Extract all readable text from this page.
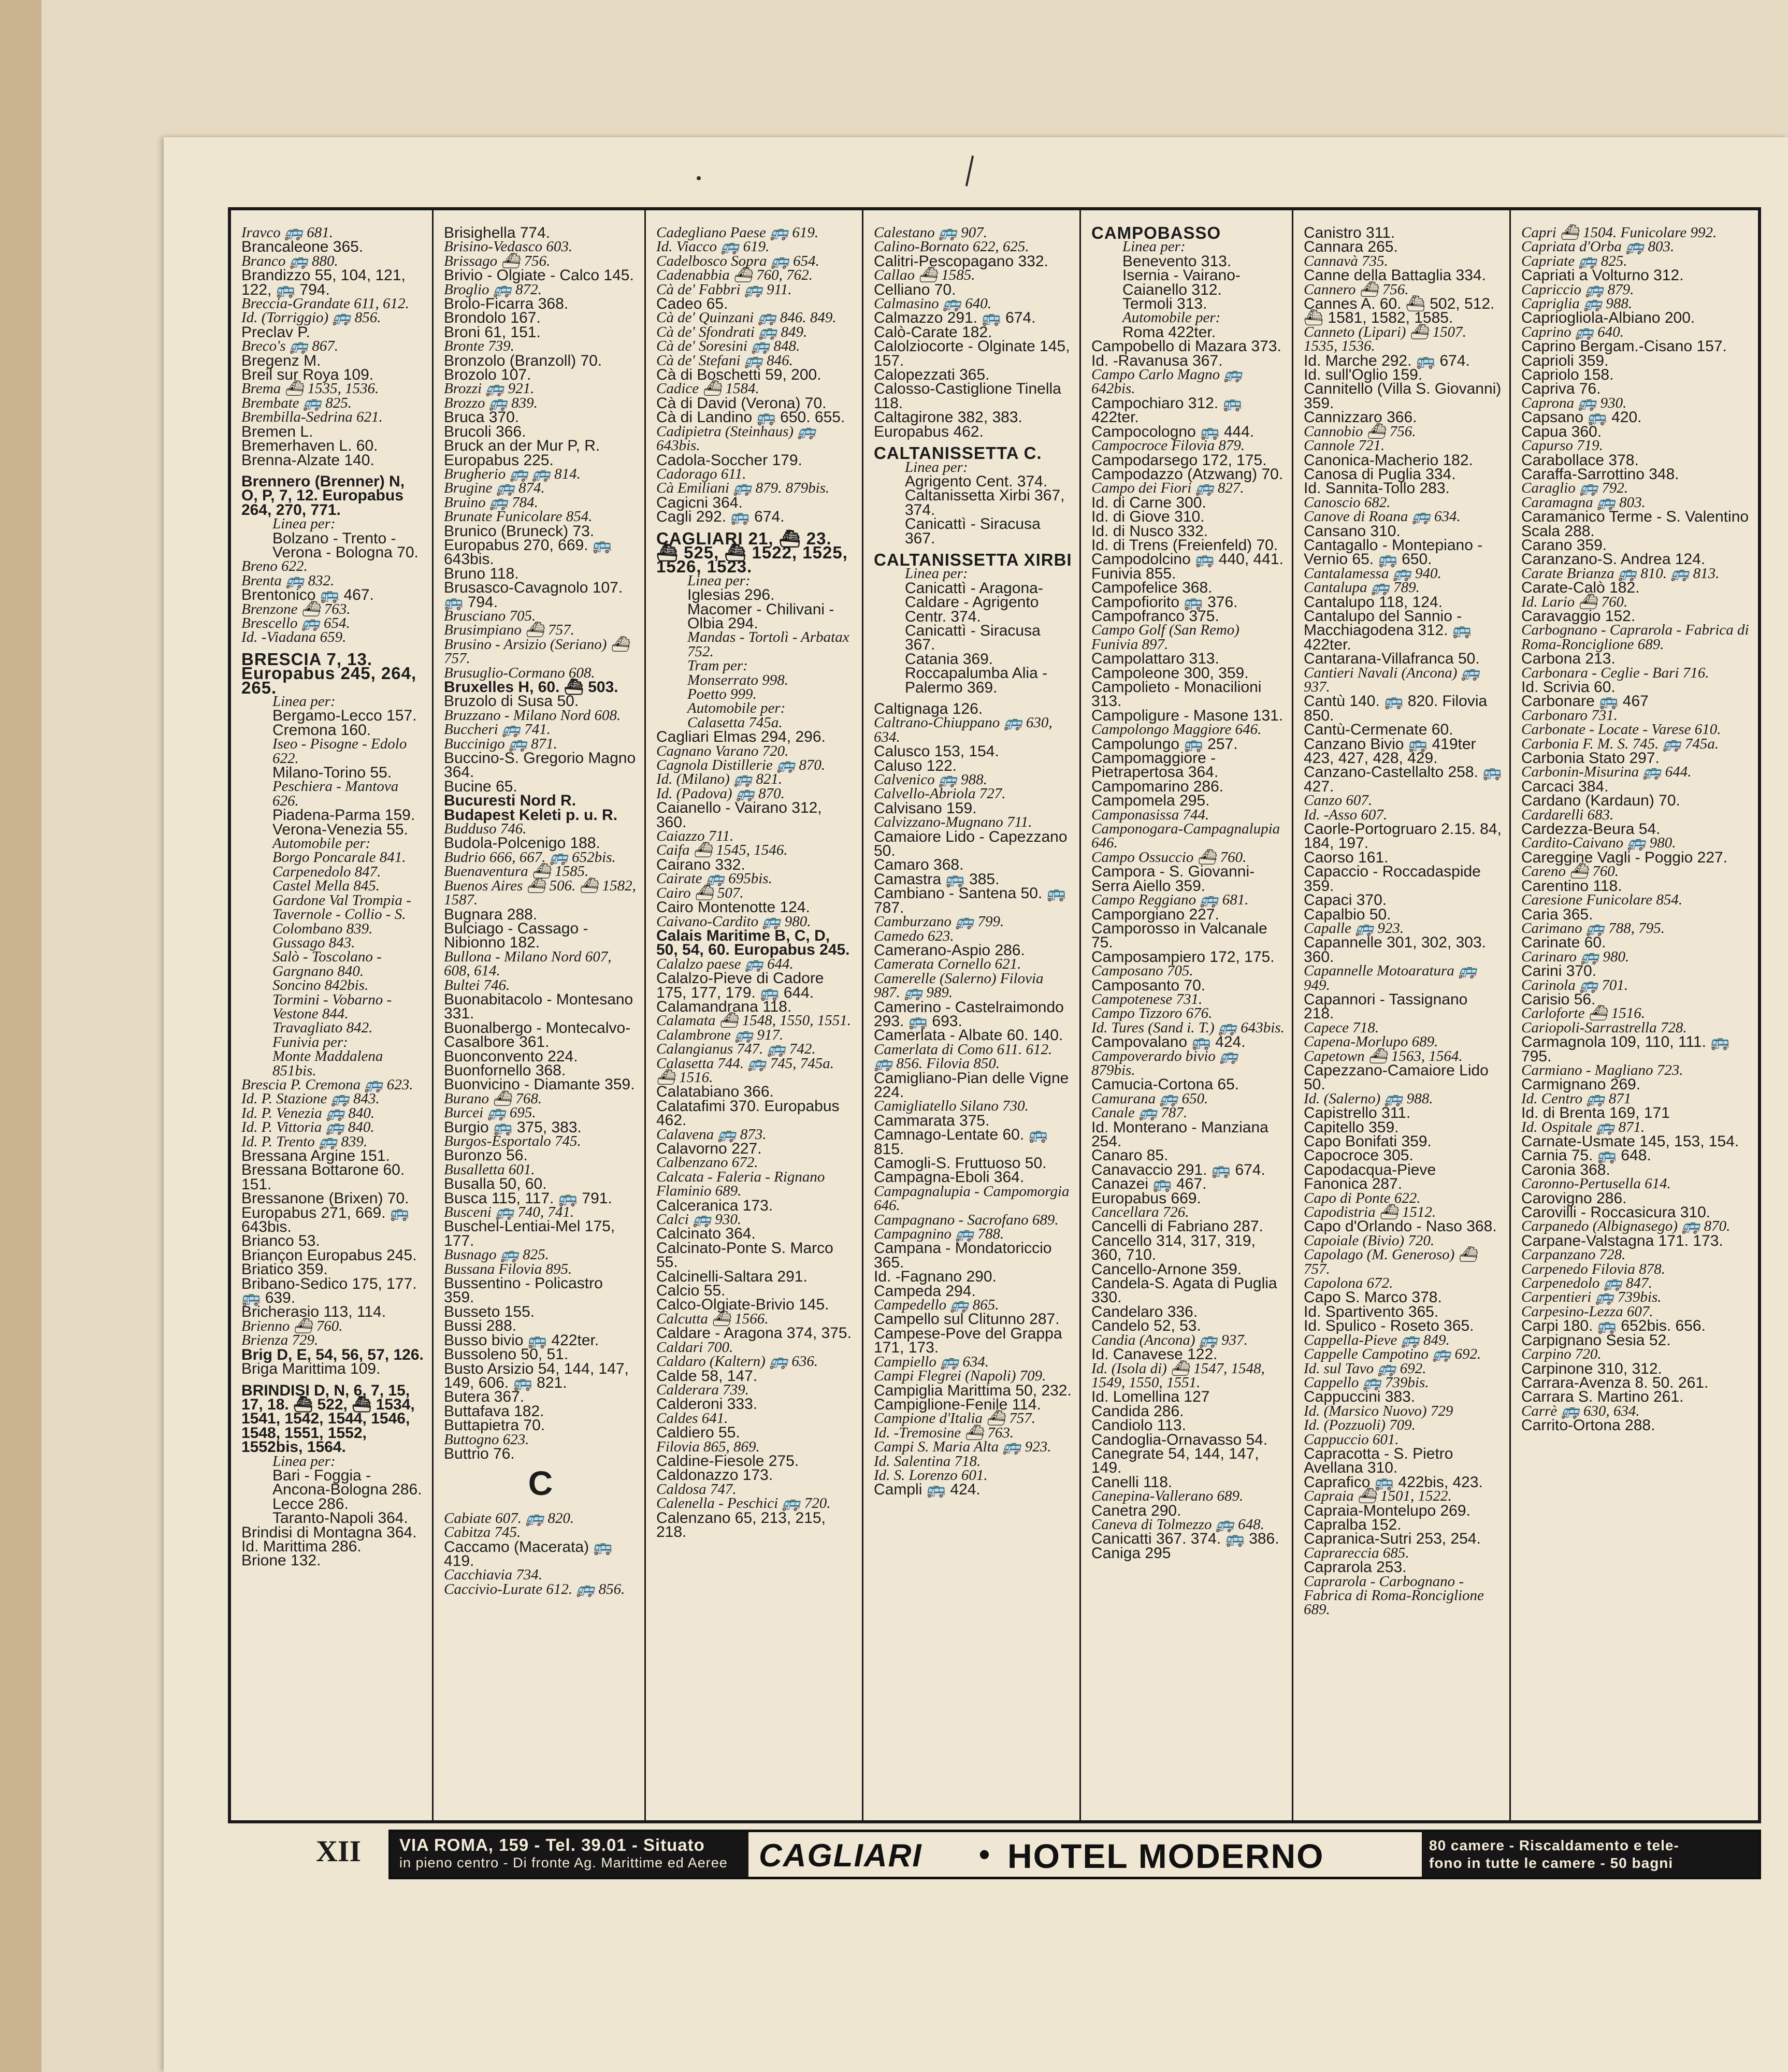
Iravco 🚌 681.
Brancaleone 365.
Branco 🚌 880.
Brandizzo 55, 104, 121, 122, 🚌 794.
Breccia-Grandate 611, 612.
Id. (Torriggio) 🚌 856.
Preclav P.
Breco's 🚌 867.
Bregenz M.
Breil sur Roya 109.
Brema ⛴ 1535, 1536.
Brembate 🚌 825.
Brembilla-Sedrina 621.
Bremen L.
Bremerhaven L. 60.
Brenna-Alzate 140.
Brennero (Brenner) N, O, P, 7, 12. Europabus 264, 270, 771.
Linea per:
Bolzano - Trento - Verona - Bologna 70.
Breno 622.
Brenta 🚌 832.
Brentonico 🚌 467.
Brenzone ⛴ 763.
Brescello 🚌 654.
Id. -Viadana 659.
BRESCIA 7, 13. Europabus 245, 264, 265.
Linea per:
Bergamo-Lecco 157.
Cremona 160.
Iseo - Pisogne - Edolo 622.
Milano-Torino 55.
Peschiera - Mantova 626.
Piadena-Parma 159.
Verona-Venezia 55.
Automobile per:
Borgo Poncarale 841.
Carpenedolo 847.
Castel Mella 845.
Gardone Val Trompia - Tavernole - Collio - S. Colombano 839.
Gussago 843.
Salò - Toscolano - Gargnano 840.
Soncino 842bis.
Tormini - Vobarno - Vestone 844.
Travagliato 842.
Funivia per:
Monte Maddalena 851bis.
Brescia P. Cremona 🚌 623.
Id. P. Stazione 🚌 843.
Id. P. Venezia 🚌 840.
Id. P. Vittoria 🚌 840.
Id. P. Trento 🚌 839.
Bressana Argine 151.
Bressana Bottarone 60. 151.
Bressanone (Brixen) 70. Europabus 271, 669. 🚌 643bis.
Brianco 53.
Briançon Europabus 245.
Briatico 359.
Bribano-Sedico 175, 177. 🚌 639.
Bricherasio 113, 114.
Brienno ⛴ 760.
Brienza 729.
Brig D, E, 54, 56, 57, 126.
Briga Marittima 109.
BRINDISI D, N, 6, 7, 15, 17, 18. ⛴ 522, ⛴ 1534, 1541, 1542, 1544, 1546, 1548, 1551, 1552, 1552bis, 1564.
Linea per:
Bari - Foggia - Ancona-Bologna 286.
Lecce 286.
Taranto-Napoli 364.
Brindisi di Montagna 364.
Id. Marittima 286.
Brione 132.
Brisighella 774.
Brisino-Vedasco 603.
Brissago ⛴ 756.
Brivio - Olgiate - Calco 145.
Broglio 🚌 872.
Brolo-Ficarra 368.
Brondolo 167.
Broni 61, 151.
Bronte 739.
Bronzolo (Branzoll) 70.
Brozolo 107.
Brozzi 🚌 921.
Brozzo 🚌 839.
Bruca 370.
Brucoli 366.
Bruck an der Mur P, R. Europabus 225.
Brugherio 🚌 🚌 814.
Brugine 🚌 874.
Bruino 🚌 784.
Brunate Funicolare 854.
Brunico (Bruneck) 73. Europabus 270, 669. 🚌 643bis.
Bruno 118.
Brusasco-Cavagnolo 107. 🚌 794.
Brusciano 705.
Brusimpiano ⛴ 757.
Brusino - Arsizio (Seriano) ⛴ 757.
Brusuglio-Cormano 608.
Bruxelles H, 60. ⛴ 503.
Bruzolo di Susa 50.
Bruzzano - Milano Nord 608.
Buccheri 🚌 741.
Buccinigo 🚌 871.
Buccino-S. Gregorio Magno 364.
Bucine 65.
Bucuresti Nord R.
Budapest Keleti p. u. R.
Budduso 746.
Budola-Polcenigo 188.
Budrio 666, 667. 🚌 652bis.
Buenaventura ⛴ 1585.
Buenos Aires ⛴ 506. ⛴ 1582, 1587.
Bugnara 288.
Bulciago - Cassago - Nibionno 182.
Bullona - Milano Nord 607, 608, 614.
Bultei 746.
Buonabitacolo - Montesano 331.
Buonalbergo - Montecalvo-Casalbore 361.
Buonconvento 224.
Buonfornello 368.
Buonvicino - Diamante 359.
Burano ⛴ 768.
Burcei 🚌 695.
Burgio 🚌 375, 383.
Burgos-Esportalo 745.
Buronzo 56.
Busalletta 601.
Busalla 50, 60.
Busca 115, 117. 🚌 791.
Busceni 🚌 740, 741.
Buschel-Lentiai-Mel 175, 177.
Busnago 🚌 825.
Bussana Filovia 895.
Bussentino - Policastro 359.
Busseto 155.
Bussi 288.
Busso bivio 🚌 422ter.
Bussoleno 50, 51.
Busto Arsizio 54, 144, 147, 149, 606. 🚌 821.
Butera 367.
Buttafava 182.
Buttapietra 70.
Buttogno 623.
Buttrio 76.
C
Cabiate 607. 🚌 820.
Cabitza 745.
Caccamo (Macerata) 🚌 419.
Cacchiavia 734.
Caccivio-Lurate 612. 🚌 856.
Cadegliano Paese 🚌 619.
Id. Viacco 🚌 619.
Cadelbosco Sopra 🚌 654.
Cadenabbia ⛴ 760, 762.
Cà de' Fabbri 🚌 911.
Cadeo 65.
Cà de' Quinzani 🚌 846. 849.
Cà de' Sfondrati 🚌 849.
Cà de' Soresini 🚌 848.
Cà de' Stefani 🚌 846.
Cà di Boschetti 59, 200.
Cadice ⛴ 1584.
Cà di David (Verona) 70.
Cà di Landino 🚌 650. 655.
Cadipietra (Steinhaus) 🚌 643bis.
Cadola-Soccher 179.
Cadorago 611.
Cà Emiliani 🚌 879. 879bis.
Cagicni 364.
Cagli 292. 🚌 674.
CAGLIARI 21, ⛴ 23. ⛴ 525, ⛴ 1522, 1525, 1526, 1523.
Linea per:
Iglesias 296.
Macomer - Chilivani -Olbia 294.
Mandas - Tortolì - Arbatax 752.
Tram per:
Monserrato 998.
Poetto 999.
Automobile per:
Calasetta 745a.
Cagliari Elmas 294, 296.
Cagnano Varano 720.
Cagnola Distillerie 🚌 870.
Id. (Milano) 🚌 821.
Id. (Padova) 🚌 870.
Caianello - Vairano 312, 360.
Caiazzo 711.
Caifa ⛴ 1545, 1546.
Cairano 332.
Cairate 🚌 695bis.
Cairo ⛴ 507.
Cairo Montenotte 124.
Caivano-Cardito 🚌 980.
Calais Maritime B, C, D, 50, 54, 60. Europabus 245.
Calalzo paese 🚌 644.
Calalzo-Pieve di Cadore 175, 177, 179. 🚌 644.
Calamandrana 118.
Calamata ⛴ 1548, 1550, 1551.
Calambrone 🚌 917.
Calangianus 747. 🚌 742.
Calasetta 744. 🚌 745, 745a. ⛴ 1516.
Calatabiano 366.
Calatafimi 370. Europabus 462.
Calavena 🚌 873.
Calavorno 227.
Calbenzano 672.
Calcata - Faleria - Rignano Flaminio 689.
Calceranica 173.
Calci 🚌 930.
Calcinato 364.
Calcinato-Ponte S. Marco 55.
Calcinelli-Saltara 291.
Calcio 55.
Calco-Olgiate-Brivio 145.
Calcutta ⛴ 1566.
Caldare - Aragona 374, 375.
Caldari 700.
Caldaro (Kaltern) 🚌 636.
Calde 58, 147.
Calderara 739.
Calderoni 333.
Caldes 641.
Caldiero 55.
Filovia 865, 869.
Caldine-Fiesole 275.
Caldonazzo 173.
Caldosa 747.
Calenella - Peschici 🚌 720.
Calenzano 65, 213, 215, 218.
Calestano 🚌 907.
Calino-Bornato 622, 625.
Calitri-Pescopagano 332.
Callao ⛴ 1585.
Celliano 70.
Calmasino 🚌 640.
Calmazzo 291. 🚌 674.
Calò-Carate 182.
Calolziocorte - Olginate 145, 157.
Calopezzati 365.
Calosso-Castiglione Tinella 118.
Caltagirone 382, 383. Europabus 462.
CALTANISSETTA C.
Linea per:
Agrigento Cent. 374.
Caltanissetta Xirbi 367, 374.
Canicattì - Siracusa 367.
CALTANISSETTA XIRBI
Linea per:
Canicattì - Aragona-Caldare - Agrigento Centr. 374.
Canicattì - Siracusa 367.
Catania 369.
Roccapalumba Alia - Palermo 369.
Caltignaga 126.
Caltrano-Chiuppano 🚌 630, 634.
Calusco 153, 154.
Caluso 122.
Calvenico 🚌 988.
Calvello-Abriola 727.
Calvisano 159.
Calvizzano-Mugnano 711.
Camaiore Lido - Capezzano 50.
Camaro 368.
Camastra 🚌 385.
Cambiano - Santena 50. 🚌 787.
Camburzano 🚌 799.
Camedo 623.
Camerano-Aspio 286.
Camerata Cornello 621.
Camerelle (Salerno) Filovia 987. 🚌 989.
Camerino - Castelraimondo 293. 🚌 693.
Camerlata - Albate 60. 140.
Camerlata di Como 611. 612. 🚌 856. Filovia 850.
Camigliano-Pian delle Vigne 224.
Camigliatello Silano 730.
Cammarata 375.
Camnago-Lentate 60. 🚌 815.
Camogli-S. Fruttuoso 50.
Campagna-Eboli 364.
Campagnalupia - Campomorgia 646.
Campagnano - Sacrofano 689.
Campagnino 🚌 788.
Campana - Mondatoriccio 365.
Id. -Fagnano 290.
Campeda 294.
Campedello 🚌 865.
Campello sul Clitunno 287.
Campese-Pove del Grappa 171, 173.
Campiello 🚌 634.
Campi Flegrei (Napoli) 709.
Campiglia Marittima 50, 232.
Campiglione-Fenile 114.
Campione d'Italia ⛴ 757.
Id. -Tremosine ⛴ 763.
Campi S. Maria Alta 🚌 923.
Id. Salentina 718.
Id. S. Lorenzo 601.
Campli 🚌 424.
CAMPOBASSO
Linea per:
Benevento 313.
Isernia - Vairano-Caianello 312.
Termoli 313.
Automobile per:
Roma 422ter.
Campobello di Mazara 373.
Id. -Ravanusa 367.
Campo Carlo Magno 🚌 642bis.
Campochiaro 312. 🚌 422ter.
Campocologno 🚌 444.
Campocroce Filovia 879.
Campodarsego 172, 175.
Campodazzo (Atzwang) 70.
Campo dei Fiori 🚌 827.
Id. di Carne 300.
Id. di Giove 310.
Id. di Nusco 332.
Id. di Trens (Freienfeld) 70.
Campodolcino 🚌 440, 441. Funivia 855.
Campofelice 368.
Campofiorito 🚌 376.
Campofranco 375.
Campo Golf (San Remo) Funivia 897.
Campolattaro 313.
Campoleone 300, 359.
Campolieto - Monacilioni 313.
Campoligure - Masone 131.
Campolongo Maggiore 646.
Campolungo 🚌 257.
Campomaggiore - Pietrapertosa 364.
Campomarino 286.
Campomela 295.
Camponasissa 744.
Camponogara-Campagnalupia 646.
Campo Ossuccio ⛴ 760.
Campora - S. Giovanni-Serra Aiello 359.
Campo Reggiano 🚌 681.
Camporgiano 227.
Camporosso in Valcanale 75.
Camposampiero 172, 175.
Camposano 705.
Camposanto 70.
Campotenese 731.
Campo Tizzoro 676.
Id. Tures (Sand i. T.) 🚌 643bis.
Campovalano 🚌 424.
Campoverardo bivio 🚌 879bis.
Camucia-Cortona 65.
Camurana 🚌 650.
Canale 🚌 787.
Id. Monterano - Manziana 254.
Canaro 85.
Canavaccio 291. 🚌 674.
Canazei 🚌 467. Europabus 669.
Cancellara 726.
Cancelli di Fabriano 287.
Cancello 314, 317, 319, 360, 710.
Cancello-Arnone 359.
Candela-S. Agata di Puglia 330.
Candelaro 336.
Candelo 52, 53.
Candia (Ancona) 🚌 937.
Id. Canavese 122.
Id. (Isola di) ⛴ 1547, 1548, 1549, 1550, 1551.
Id. Lomellina 127
Candida 286.
Candiolo 113.
Candoglia-Ornavasso 54.
Canegrate 54, 144, 147, 149.
Canelli 118.
Canepina-Vallerano 689.
Canetra 290.
Caneva di Tolmezzo 🚌 648.
Canicatti 367. 374. 🚌 386.
Caniga 295
Canistro 311.
Cannara 265.
Cannavà 735.
Canne della Battaglia 334.
Cannero ⛴ 756.
Cannes A. 60. ⛴ 502, 512. ⛴ 1581, 1582, 1585.
Canneto (Lipari) ⛴ 1507. 1535, 1536.
Id. Marche 292. 🚌 674.
Id. sull'Oglio 159.
Cannitello (Villa S. Giovanni) 359.
Cannizzaro 366.
Cannobio ⛴ 756.
Cannole 721.
Canonica-Macherio 182.
Canosa di Puglia 334.
Id. Sannita-Tollo 283.
Canoscio 682.
Canove di Roana 🚌 634.
Cansano 310.
Cantagallo - Montepiano -Vernio 65. 🚌 650.
Cantalamessa 🚌 940.
Cantalupa 🚌 789.
Cantalupo 118, 124.
Cantalupo del Sannio - Macchiagodena 312. 🚌 422ter.
Cantarana-Villafranca 50.
Cantieri Navali (Ancona) 🚌 937.
Cantù 140. 🚌 820. Filovia 850.
Cantù-Cermenate 60.
Canzano Bivio 🚌 419ter 423, 427, 428, 429.
Canzano-Castellalto 258. 🚌 427.
Canzo 607.
Id. -Asso 607.
Caorle-Portogruaro 2.15. 84, 184, 197.
Caorso 161.
Capaccio - Roccadaspide 359.
Capaci 370.
Capalbio 50.
Capalle 🚌 923.
Capannelle 301, 302, 303. 360.
Capannelle Motoaratura 🚌 949.
Capannori - Tassignano 218.
Capece 718.
Capena-Morlupo 689.
Capetown ⛴ 1563, 1564.
Capezzano-Camaiore Lido 50.
Id. (Salerno) 🚌 988.
Capistrello 311.
Capitello 359.
Capo Bonifati 359.
Capocroce 305.
Capodacqua-Pieve Fanonica 287.
Capo di Ponte 622.
Capodistria ⛴ 1512.
Capo d'Orlando - Naso 368.
Capoiale (Bivio) 720.
Capolago (M. Generoso) ⛴ 757.
Capolona 672.
Capo S. Marco 378.
Id. Spartivento 365.
Id. Spulico - Roseto 365.
Cappella-Pieve 🚌 849.
Cappelle Campotino 🚌 692.
Id. sul Tavo 🚌 692.
Cappello 🚌 739bis.
Cappuccini 383.
Id. (Marsico Nuovo) 729
Id. (Pozzuoli) 709.
Cappuccio 601.
Capracotta - S. Pietro Avellana 310.
Caprafico 🚌 422bis, 423.
Capraia ⛴ 1501, 1522.
Capraia-Montelupo 269.
Capralba 152.
Capranica-Sutri 253, 254.
Caprareccia 685.
Caprarola 253.
Caprarola - Carbognano - Fabrica di Roma-Ronciglione 689.
Capri ⛴ 1504. Funicolare 992.
Capriata d'Orba 🚌 803.
Capriate 🚌 825.
Capriati a Volturno 312.
Capriccio 🚌 879.
Capriglia 🚌 988.
Capriogliola-Albiano 200.
Caprino 🚌 640.
Caprino Bergam.-Cisano 157.
Caprioli 359.
Capriolo 158.
Capriva 76.
Caprona 🚌 930.
Capsano 🚌 420.
Capua 360.
Capurso 719.
Carabollace 378.
Caraffa-Sarrottino 348.
Caraglio 🚌 792.
Caramagna 🚌 803.
Caramanico Terme - S. Valentino Scala 288.
Carano 359.
Caranzano-S. Andrea 124.
Carate Brianza 🚌 810. 🚌 813.
Carate-Calò 182.
Id. Lario ⛴ 760.
Caravaggio 152.
Carbognano - Caprarola - Fabrica di Roma-Ronciglione 689.
Carbona 213.
Carbonara - Ceglie - Bari 716.
Id. Scrivia 60.
Carbonare 🚌 467
Carbonaro 731.
Carbonate - Locate - Varese 610.
Carbonia F. M. S. 745. 🚌 745a.
Carbonia Stato 297.
Carbonin-Misurina 🚌 644.
Carcaci 384.
Cardano (Kardaun) 70.
Cardarelli 683.
Cardezza-Beura 54.
Cardito-Caivano 🚌 980.
Careggine Vagli - Poggio 227.
Careno ⛴ 760.
Carentino 118.
Caresione Funicolare 854.
Caria 365.
Carimano 🚌 788, 795.
Carinate 60.
Carinaro 🚌 980.
Carini 370.
Carinola 🚌 701.
Carisio 56.
Carloforte ⛴ 1516.
Cariopoli-Sarrastrella 728.
Carmagnola 109, 110, 111. 🚌 795.
Carmiano - Magliano 723.
Carmignano 269.
Id. Centro 🚌 871
Id. di Brenta 169, 171
Id. Ospitale 🚌 871.
Carnate-Usmate 145, 153, 154.
Carnia 75. 🚌 648.
Caronia 368.
Caronno-Pertusella 614.
Carovigno 286.
Carovilli - Roccasicura 310.
Carpanedo (Albignasego) 🚌 870.
Carpane-Valstagna 171. 173.
Carpanzano 728.
Carpenedo Filovia 878.
Carpenedolo 🚌 847.
Carpentieri 🚌 739bis.
Carpesino-Lezza 607.
Carpi 180. 🚌 652bis. 656.
Carpignano Sesia 52.
Carpino 720.
Carpinone 310, 312.
Carrara-Avenza 8. 50. 261.
Carrara S. Martino 261.
Carrè 🚌 630, 634.
Carrito-Ortona 288.
XII VIA ROMA, 159 - Tel. 39.01 - Situato
in pieno centro - Di fronte Ag. Marittime ed Aeree CAGLIARI • HOTEL MODERNO	80 camere - Riscaldamento e tele-
fono in tutte le camere - 50 bagni
